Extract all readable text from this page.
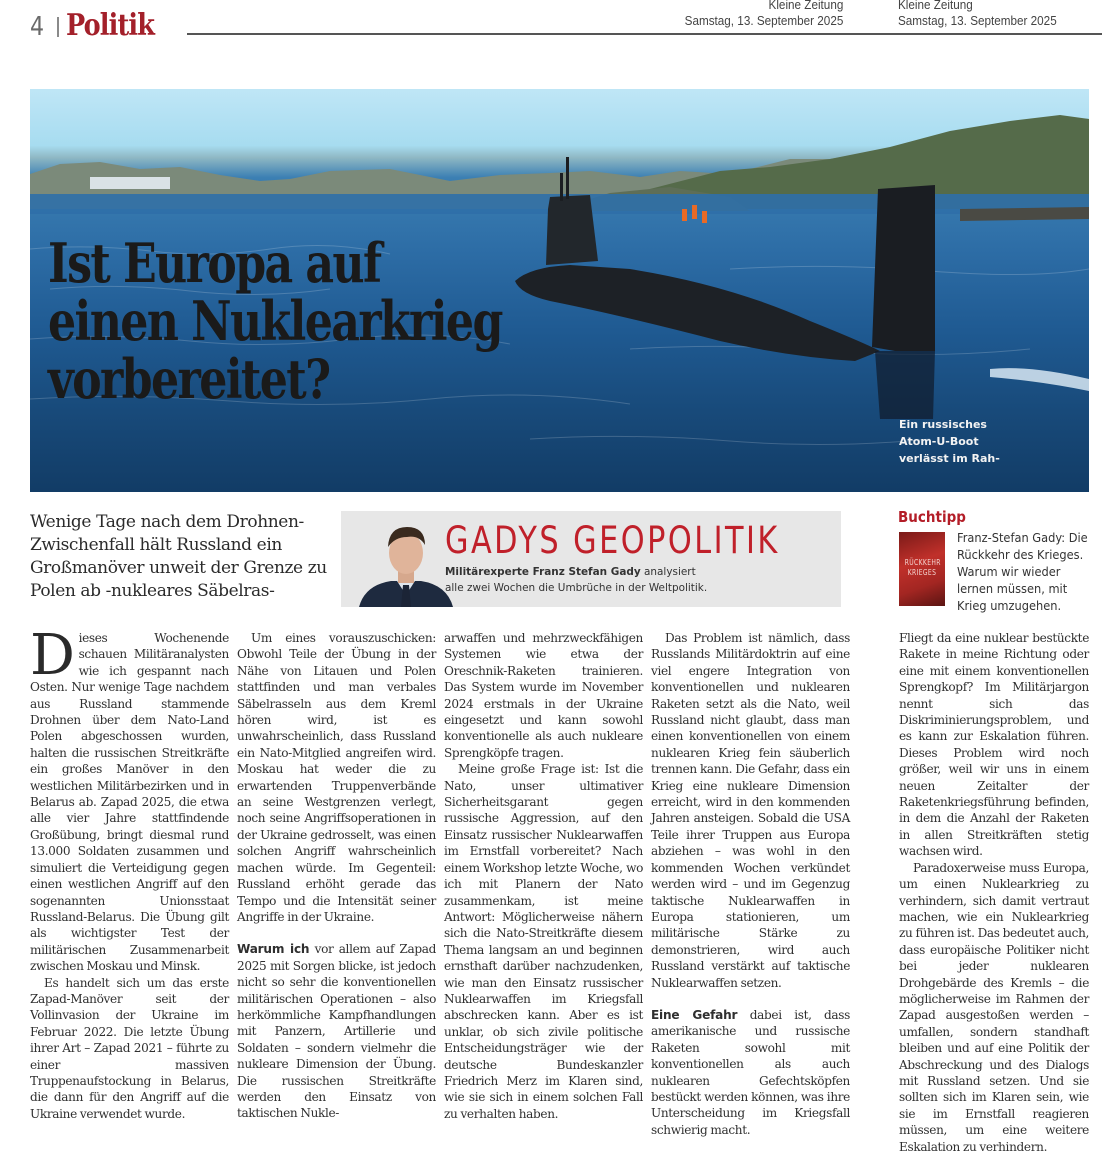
4 Politik
Kleine Zeitung
Samstag, 13. September 2025
Kleine Zeitung
Samstag, 13. September 2025
Ist Europa auf
einen Nuklearkrieg
vorbereitet?
Ein russisches
Atom-U-Boot
verlässt im Rah-
Wenige Tage nach dem Drohnen-Zwischenfall hält Russland ein Großmanöver unweit der Grenze zu Polen ab -nukleares Säbelras-
GADYS GEOPOLITIK
Militärexperte Franz Stefan Gady analysiert
alle zwei Wochen die Umbrüche in der Weltpolitik.
Buchtipp
RÜCKKEHR
KRIEGES
Franz-Stefan Gady: Die Rückkehr des Krieges. Warum wir wieder lernen müssen, mit Krieg umzugehen.

Dieses Wochenende schauen Militäranalysten wie ich gespannt nach Osten. Nur wenige Tage nachdem aus Russland stammende Drohnen über dem Nato-Land Polen abgeschossen wurden, halten die russischen Streitkräfte ein großes Manöver in den westlichen Militärbezirken und in Belarus ab. Zapad 2025, die etwa alle vier Jahre stattfindende Großübung, bringt diesmal rund 13.000 Soldaten zusammen und simuliert die Verteidigung gegen einen westlichen Angriff auf den sogenannten Unionsstaat Russland-Belarus. Die Übung gilt als wichtigster Test der militärischen Zusammenarbeit zwischen Moskau und Minsk.

Es handelt sich um das erste Zapad-Manöver seit der Vollinvasion der Ukraine im Februar 2022. Die letzte Übung ihrer Art – Zapad 2021 – führte zu einer massiven Truppenaufstockung in Belarus, die dann für den Angriff auf die Ukraine verwendet wurde.

Um eines vorauszuschicken: Obwohl Teile der Übung in der Nähe von Litauen und Polen stattfinden und man verbales Säbelrasseln aus dem Kreml hören wird, ist es unwahrscheinlich, dass Russland ein Nato-Mitglied angreifen wird. Moskau hat weder die zu erwartenden Truppenverbände an seine Westgrenzen verlegt, noch seine Angriffsoperationen in der Ukraine gedrosselt, was einen solchen Angriff wahrscheinlich machen würde. Im Gegenteil: Russland erhöht gerade das Tempo und die Intensität seiner Angriffe in der Ukraine.

Warum ich vor allem auf Zapad 2025 mit Sorgen blicke, ist jedoch nicht so sehr die konventionellen militärischen Operationen – also herkömmliche Kampfhandlungen mit Panzern, Artillerie und Soldaten – sondern vielmehr die nukleare Dimension der Übung. Die russischen Streitkräfte werden den Einsatz von taktischen Nukle-

arwaffen und mehrzweckfähigen Systemen wie etwa der Oreschnik-Raketen trainieren. Das System wurde im November 2024 erstmals in der Ukraine eingesetzt und kann sowohl konventionelle als auch nukleare Sprengköpfe tragen.

Meine große Frage ist: Ist die Nato, unser ultimativer Sicherheitsgarant gegen russische Aggression, auf den Einsatz russischer Nuklearwaffen im Ernstfall vorbereitet? Nach einem Workshop letzte Woche, wo ich mit Planern der Nato zusammenkam, ist meine Antwort: Möglicherweise nähern sich die Nato-Streitkräfte diesem Thema langsam an und beginnen ernsthaft darüber nachzudenken, wie man den Einsatz russischer Nuklearwaffen im Kriegsfall abschrecken kann. Aber es ist unklar, ob sich zivile politische Entscheidungsträger wie der deutsche Bundeskanzler Friedrich Merz im Klaren sind, wie sie sich in einem solchen Fall zu verhalten haben.

Das Problem ist nämlich, dass Russlands Militärdoktrin auf eine viel engere Integration von konventionellen und nuklearen Raketen setzt als die Nato, weil Russland nicht glaubt, dass man einen konventionellen von einem nuklearen Krieg fein säuberlich trennen kann. Die Gefahr, dass ein Krieg eine nukleare Dimension erreicht, wird in den kommenden Jahren ansteigen. Sobald die USA Teile ihrer Truppen aus Europa abziehen – was wohl in den kommenden Wochen verkündet werden wird – und im Gegenzug taktische Nuklearwaffen in Europa stationieren, um militärische Stärke zu demonstrieren, wird auch Russland verstärkt auf taktische Nuklearwaffen setzen.

Eine Gefahr dabei ist, dass amerikanische und russische Raketen sowohl mit konventionellen als auch nuklearen Gefechtsköpfen bestückt werden können, was ihre Unterscheidung im Kriegsfall schwierig macht.

Fliegt da eine nuklear bestückte Rakete in meine Richtung oder eine mit einem konventionellen Sprengkopf? Im Militärjargon nennt sich das Diskriminierungsproblem, und es kann zur Eskalation führen. Dieses Problem wird noch größer, weil wir uns in einem neuen Zeitalter der Raketenkriegsführung befinden, in dem die Anzahl der Raketen in allen Streitkräften stetig wachsen wird.

Paradoxerweise muss Europa, um einen Nuklearkrieg zu verhindern, sich damit vertraut machen, wie ein Nuklearkrieg zu führen ist. Das bedeutet auch, dass europäische Politiker nicht bei jeder nuklearen Drohgebärde des Kremls – die möglicherweise im Rahmen der Zapad ausgestoßen werden – umfallen, sondern standhaft bleiben und auf eine Politik der Abschreckung und des Dialogs mit Russland setzen. Und sie sollten sich im Klaren sein, wie sie im Ernstfall reagieren müssen, um eine weitere Eskalation zu verhindern.
